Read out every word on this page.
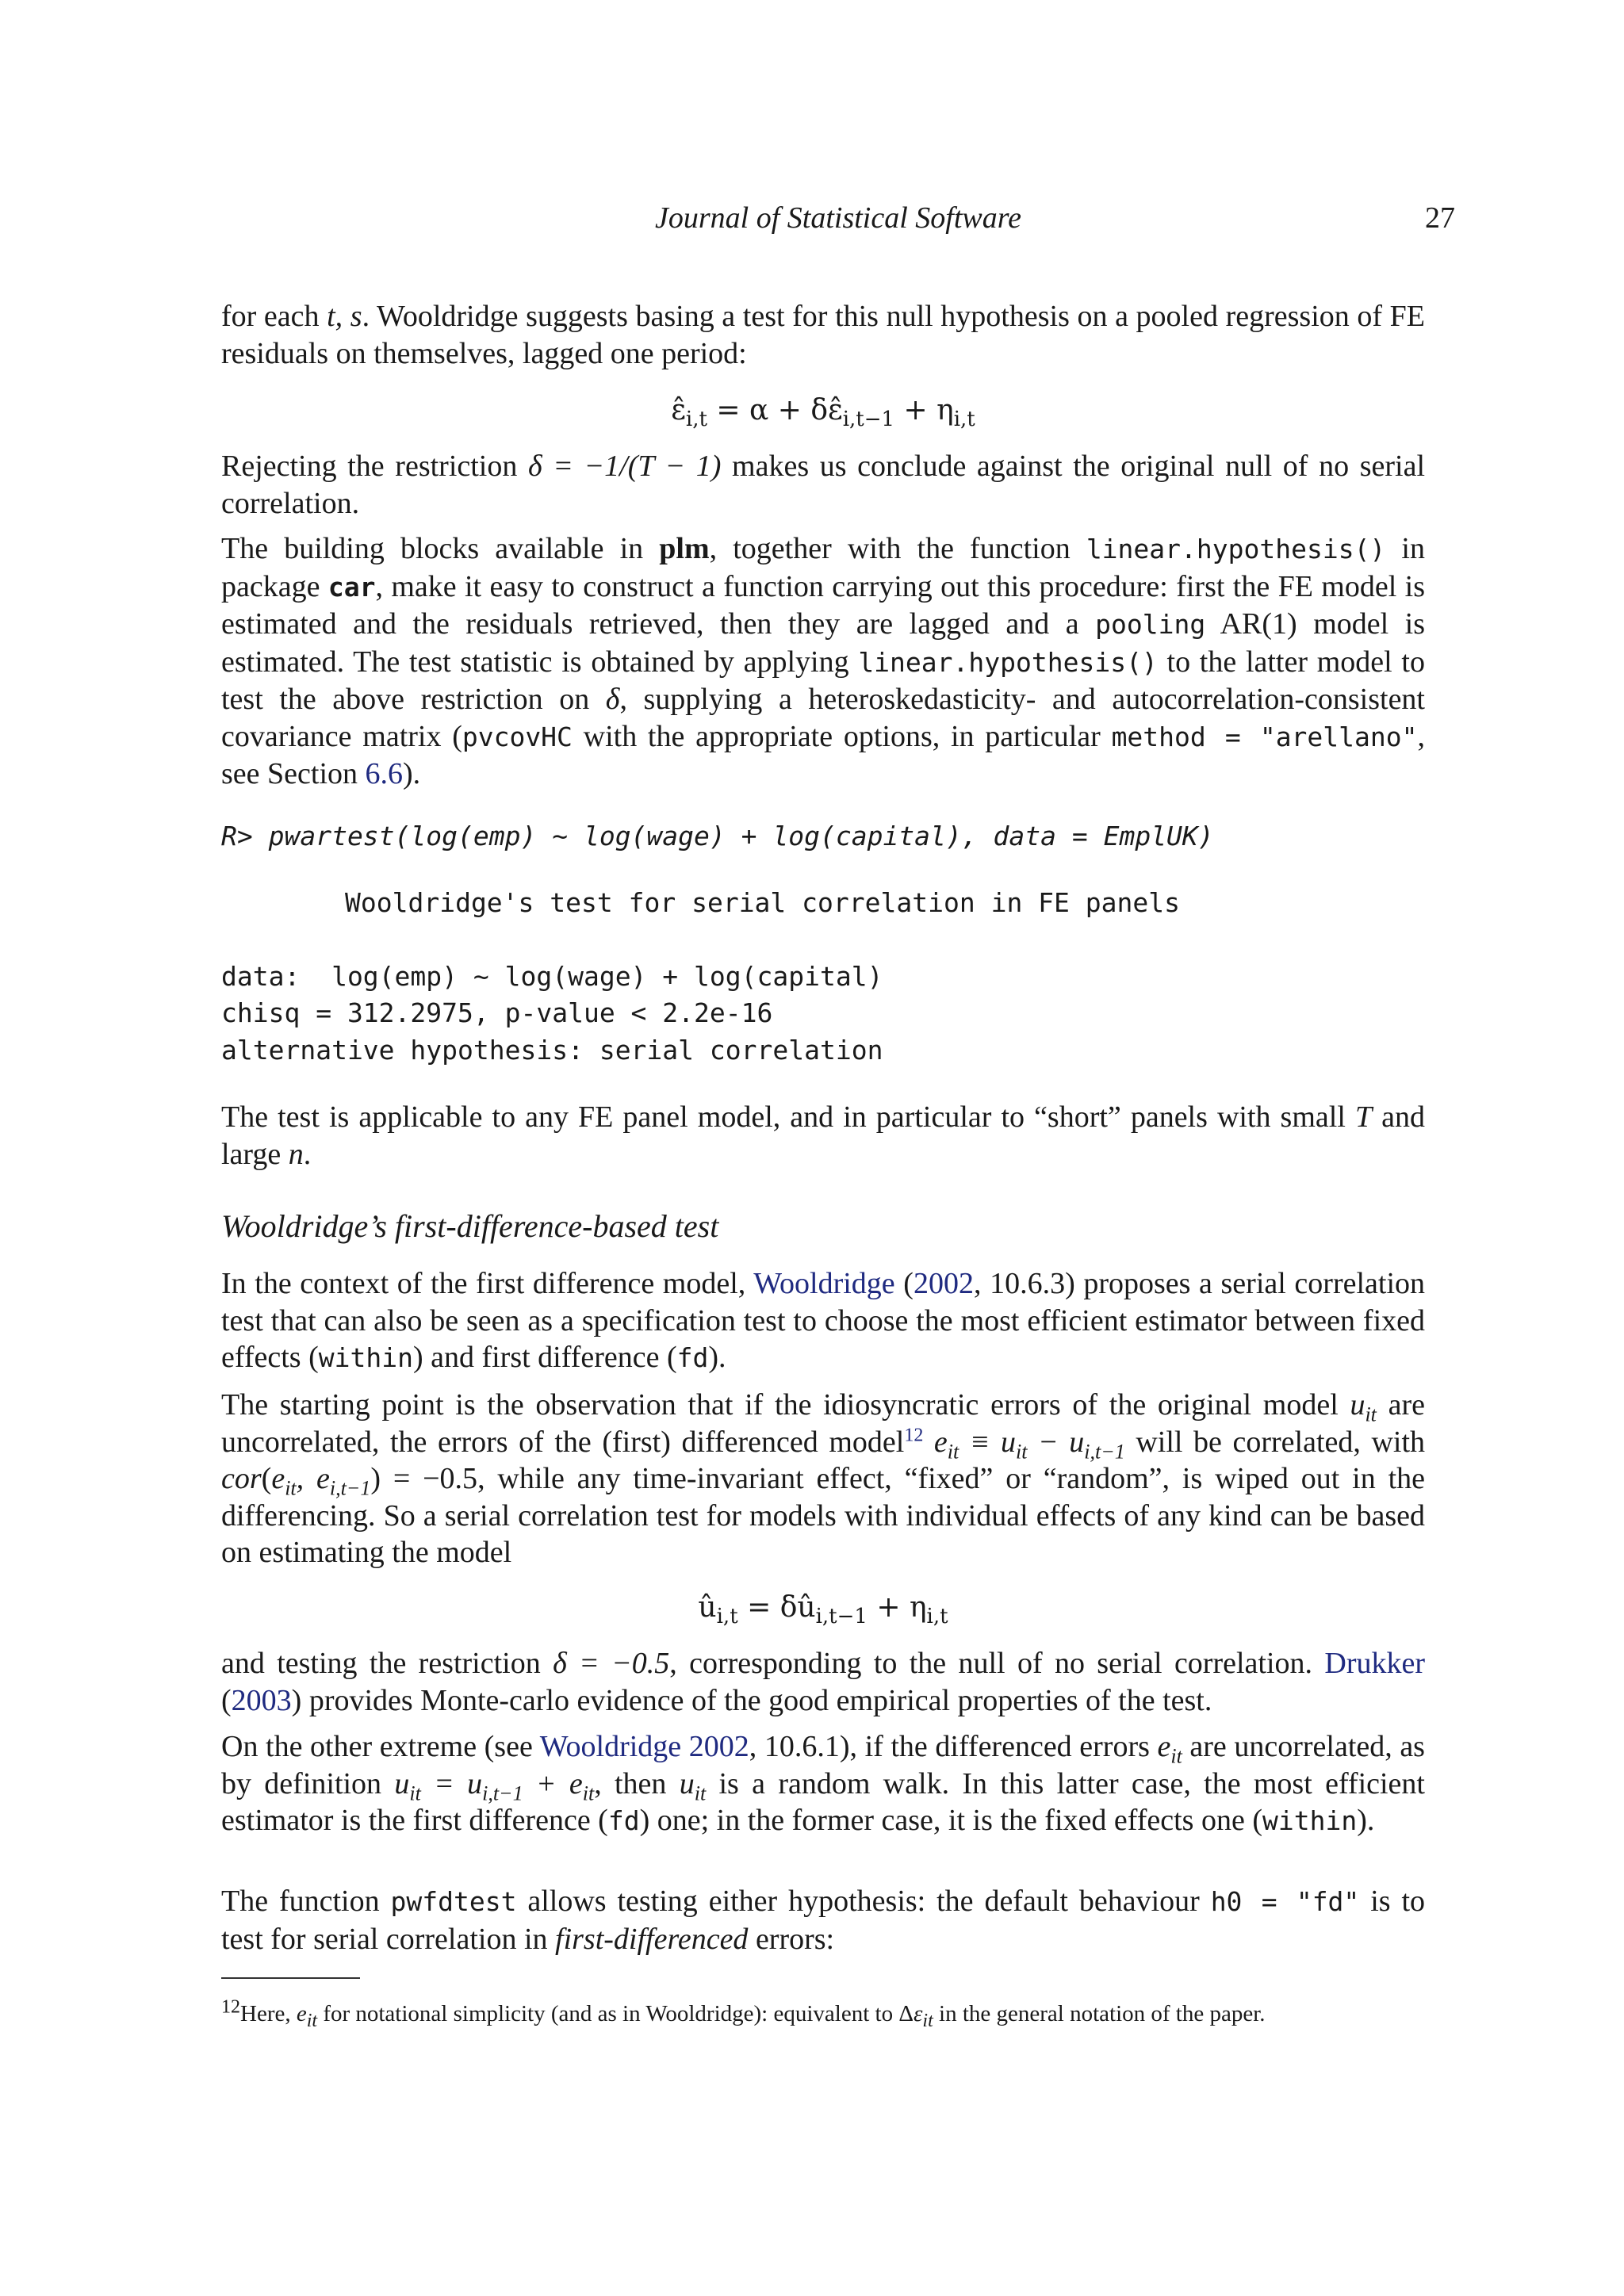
Journal of Statistical Software	27

for each t, s. Wooldridge suggests basing a test for this null hypothesis on a pooled regression of FE residuals on themselves, lagged one period:

$\varepsilon̂_{i,t} = \alpha$ + $\delta\varepsilon̂_{i,t-1} + \eta_{i,t}$

Rejecting the restriction δ = −1/(T − 1) makes us conclude against the original null of no serial correlation.

The building blocks available in plm, together with the function linear.hypothesis() in package car, make it easy to construct a function carrying out this procedure: first the FE model is estimated and the residuals retrieved, then they are lagged and a pooling AR(1) model is estimated. The test statistic is obtained by applying linear.hypothesis() to the latter model to test the above restriction on δ, supplying a heteroskedasticity- and autocorrelation-consistent covariance matrix (pvcovHC with the appropriate options, in particular method = "arellano", see Section 6.6).

R> pwartest(log(emp) ~ log(wage) + log(capital), data = EmplUK)
Wooldridge's test for serial correlation in FE panels
data:  log(emp) ~ log(wage) + log(capital)
chisq = 312.2975, p-value < 2.2e-16
alternative hypothesis: serial correlation

The test is applicable to any FE panel model, and in particular to “short” panels with small T and large n.

Wooldridge’s first-difference-based test

In the context of the first difference model, Wooldridge (2002, 10.6.3) proposes a serial correlation test that can also be seen as a specification test to choose the most efficient estimator between fixed effects (within) and first difference (fd).

The starting point is the observation that if the idiosyncratic errors of the original model $u_{it}$ are uncorrelated, the errors of the (first) differenced model$^{12}$ $e_{it} \equiv u_{it} - u_{i,t-1}$ will be correlated, with $cor(e_{it}$, $e_{i,t-1}) = -0.5$, while any time-invariant effect, “fixed” or “random”, is wiped out in the differencing. So a serial correlation test for models with individual effects of any kind can be based on estimating the model

$û_{i,t}$ = $\delta û_{i,t-1} + \eta_{i,t}$

and testing the restriction δ = −0.5, corresponding to the null of no serial correlation. Drukker (2003) provides Monte-carlo evidence of the good empirical properties of the test.

On the other extreme (see Wooldridge 2002, 10.6.1), if the differenced errors $e_{it}$ are uncorrelated, as by definition $u_{it} = u_{i,t-1} + e_{it}$, then $u_{it}$ is a random walk. In this latter case, the most efficient estimator is the first difference (fd) one; in the former case, it is the fixed effects one (within).

The function pwfdtest allows testing either hypothesis: the default behaviour h0 = "fd" is to test for serial correlation in first-differenced errors:

$^{12}$Here, $e_{it}$ for notational simplicity (and as in Wooldridge): equivalent to $\Delta\varepsilon_{it}$ in the general notation of the paper.
